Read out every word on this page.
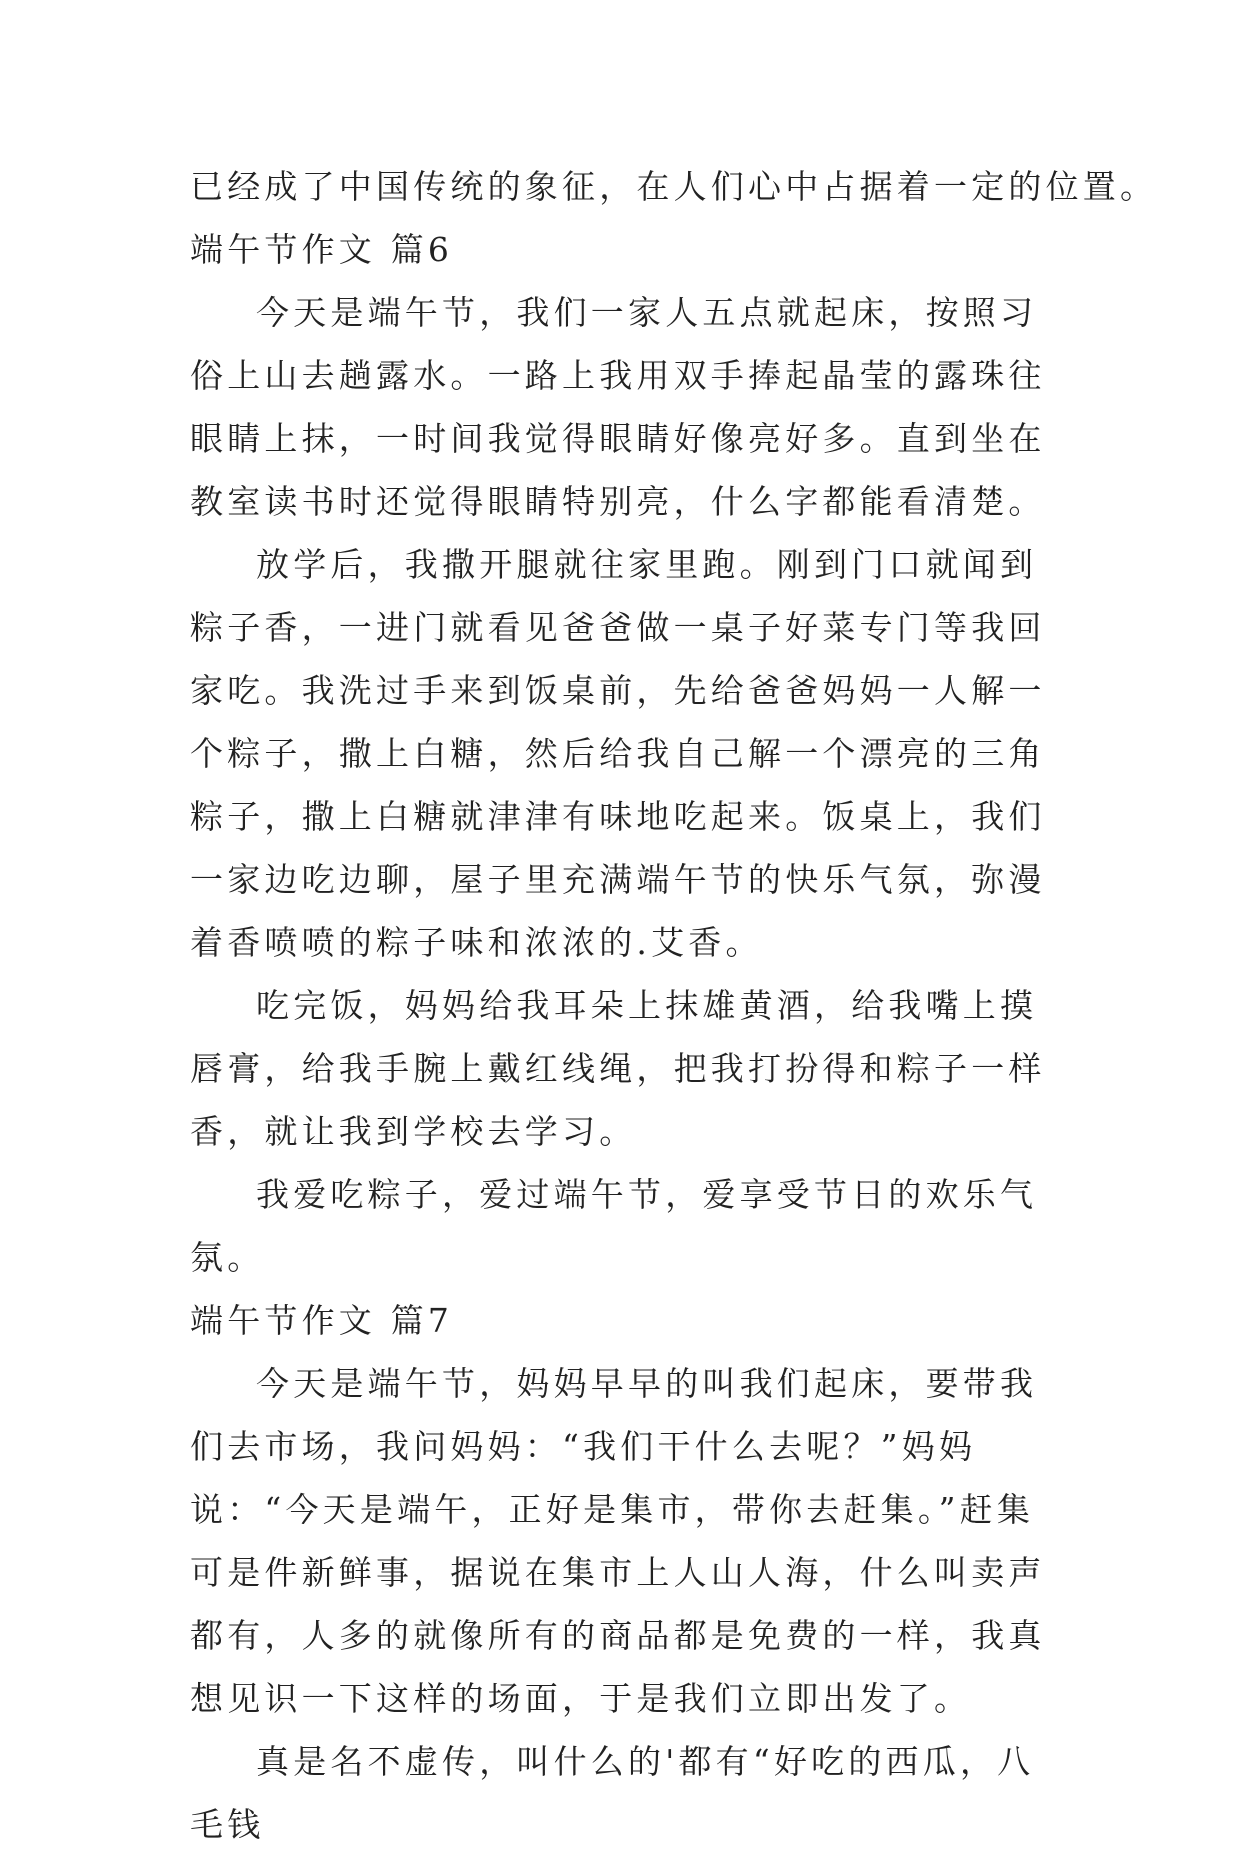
已经成了中国传统的象征，在人们心中占据着一定的位置。
端午节作文 篇6

今天是端午节，我们一家人五点就起床，按照习俗上山去趟露水。一路上我用双手捧起晶莹的露珠往眼睛上抹，一时间我觉得眼睛好像亮好多。直到坐在教室读书时还觉得眼睛特别亮，什么字都能看清楚。

放学后，我撒开腿就往家里跑。刚到门口就闻到粽子香，一进门就看见爸爸做一桌子好菜专门等我回家吃。我洗过手来到饭桌前，先给爸爸妈妈一人解一个粽子，撒上白糖，然后给我自己解一个漂亮的三角粽子，撒上白糖就津津有味地吃起来。饭桌上，我们一家边吃边聊，屋子里充满端午节的快乐气氛，弥漫着香喷喷的粽子味和浓浓的.艾香。

吃完饭，妈妈给我耳朵上抹雄黄酒，给我嘴上摸唇膏，给我手腕上戴红线绳，把我打扮得和粽子一样香，就让我到学校去学习。

我爱吃粽子，爱过端午节，爱享受节日的欢乐气氛。

端午节作文 篇7

今天是端午节，妈妈早早的叫我们起床，要带我们去市场，我问妈妈：“我们干什么去呢？”妈妈说：“今天是端午，正好是集市，带你去赶集。”赶集可是件新鲜事，据说在集市上人山人海，什么叫卖声都有，人多的就像所有的商品都是免费的一样，我真想见识一下这样的场面，于是我们立即出发了。

真是名不虚传，叫什么的'都有“好吃的西瓜，八毛钱
